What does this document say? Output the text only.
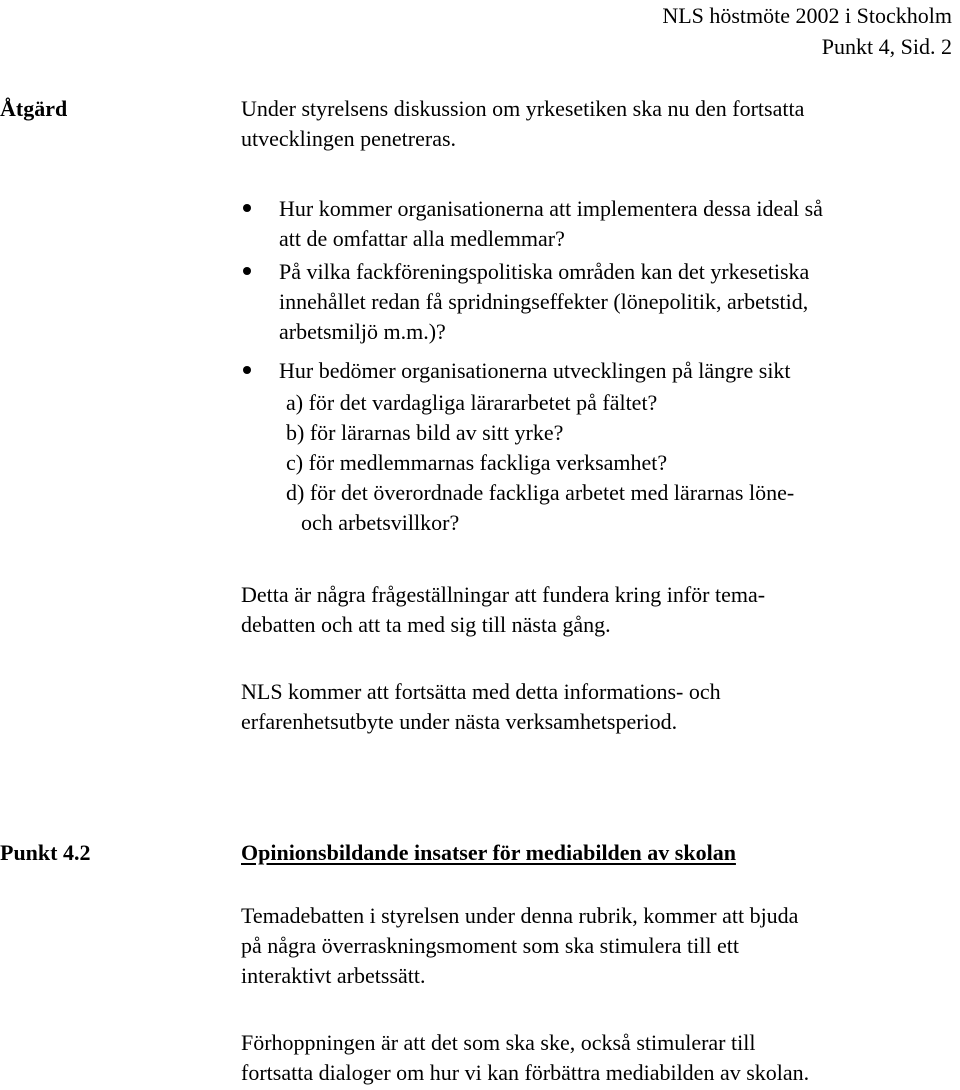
NLS höstmöte 2002 i Stockholm
Punkt 4, Sid. 2
Åtgärd	Under styrelsens diskussion om yrkesetiken ska nu den fortsatta
utvecklingen penetreras.
Hur kommer organisationerna att implementera dessa ideal så
att de omfattar alla medlemmar?
På vilka fackföreningspolitiska områden kan det yrkesetiska
innehållet redan få spridningseffekter (lönepolitik, arbetstid,
arbetsmiljö m.m.)?
Hur bedömer organisationerna utvecklingen på längre sikt
a) för det vardagliga lärararbetet på fältet?
b) för lärarnas bild av sitt yrke?
c) för medlemmarnas fackliga verksamhet?
d) för det överordnade fackliga arbetet med lärarnas löne-
och arbetsvillkor?
Detta är några frågeställningar att fundera kring inför tema-
debatten och att ta med sig till nästa gång.
NLS kommer att fortsätta med detta informations- och
erfarenhetsutbyte under nästa verksamhetsperiod.
Punkt 4.2	Opinionsbildande insatser för mediabilden av skolan
Temadebatten i styrelsen under denna rubrik, kommer att bjuda
på några överraskningsmoment som ska stimulera till ett
interaktivt arbetssätt.
Förhoppningen är att det som ska ske, också stimulerar till
fortsatta dialoger om hur vi kan förbättra mediabilden av skolan.
